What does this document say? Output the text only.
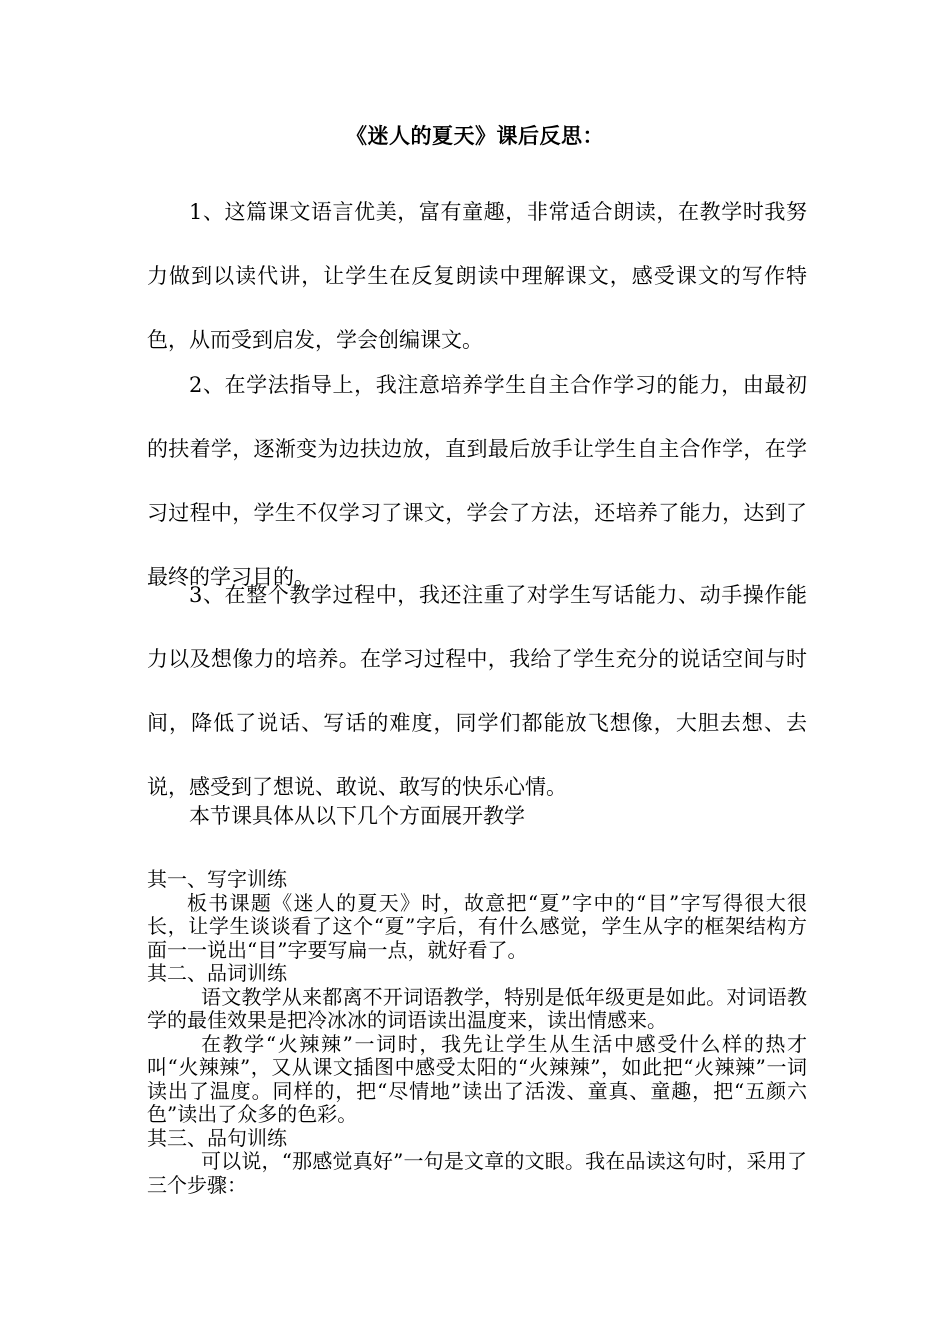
《迷人的夏天》课后反思：

1、这篇课文语言优美，富有童趣，非常适合朗读，在教学时我努力做到以读代讲，让学生在反复朗读中理解课文，感受课文的写作特色，从而受到启发，学会创编课文。

2、在学法指导上，我注意培养学生自主合作学习的能力，由最初的扶着学，逐渐变为边扶边放，直到最后放手让学生自主合作学，在学习过程中，学生不仅学习了课文，学会了方法，还培养了能力，达到了最终的学习目的。

3、在整个教学过程中，我还注重了对学生写话能力、动手操作能力以及想像力的培养。在学习过程中，我给了学生充分的说话空间与时间，降低了说话、写话的难度，同学们都能放飞想像，大胆去想、去说，感受到了想说、敢说、敢写的快乐心情。

本节课具体从以下几个方面展开教学

其一、写字训练

板书课题《迷人的夏天》时，故意把“夏”字中的“目”字写得很大很长，让学生谈谈看了这个“夏”字后，有什么感觉，学生从字的框架结构方面一一说出“目”字要写扁一点，就好看了。

其二、品词训练

语文教学从来都离不开词语教学，特别是低年级更是如此。对词语教学的最佳效果是把冷冰冰的词语读出温度来，读出情感来。

在教学“火辣辣”一词时，我先让学生从生活中感受什么样的热才叫“火辣辣”，又从课文插图中感受太阳的“火辣辣”，如此把“火辣辣”一词读出了温度。同样的，把“尽情地”读出了活泼、童真、童趣，把“五颜六色”读出了众多的色彩。

其三、品句训练

可以说，“那感觉真好”一句是文章的文眼。我在品读这句时，采用了三个步骤：
